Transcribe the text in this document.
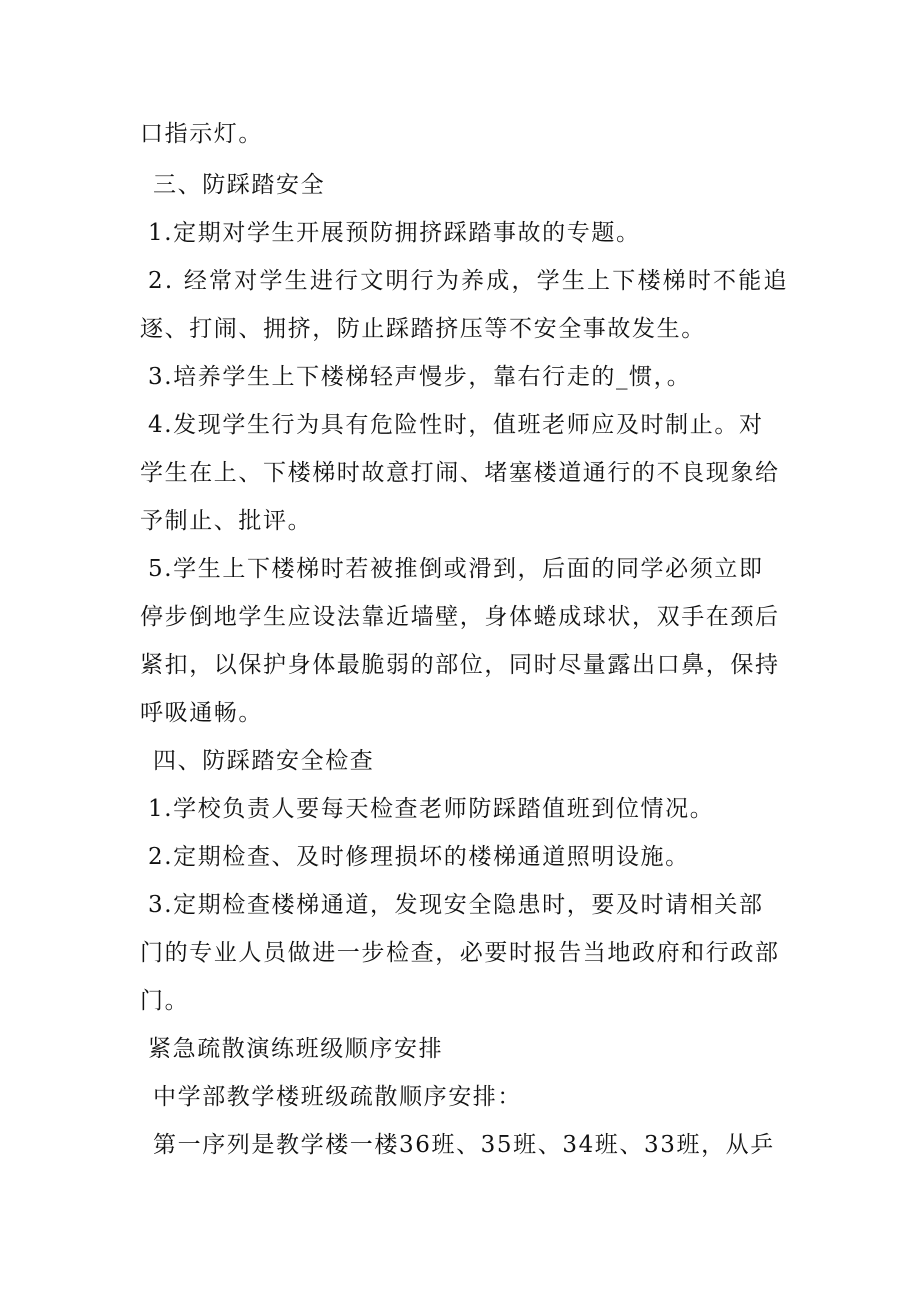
口指示灯。
三、防踩踏安全
1.定期对学生开展预防拥挤踩踏事故的专题。
2. 经常对学生进行文明行为养成，学生上下楼梯时不能追
逐、打闹、拥挤，防止踩踏挤压等不安全事故发生。
3.培养学生上下楼梯轻声慢步，靠右行走的_惯，。
4.发现学生行为具有危险性时，值班老师应及时制止。对
学生在上、下楼梯时故意打闹、堵塞楼道通行的不良现象给
予制止、批评。
5.学生上下楼梯时若被推倒或滑到，后面的同学必须立即
停步倒地学生应设法靠近墙壁，身体蜷成球状，双手在颈后
紧扣，以保护身体最脆弱的部位，同时尽量露出口鼻，保持
呼吸通畅。
四、防踩踏安全检查
1.学校负责人要每天检查老师防踩踏值班到位情况。
2.定期检查、及时修理损坏的楼梯通道照明设施。
3.定期检查楼梯通道，发现安全隐患时，要及时请相关部
门的专业人员做进一步检查，必要时报告当地政府和行政部
门。
紧急疏散演练班级顺序安排
中学部教学楼班级疏散顺序安排：
第一序列是教学楼一楼36班、35班、34班、33班，从乒
